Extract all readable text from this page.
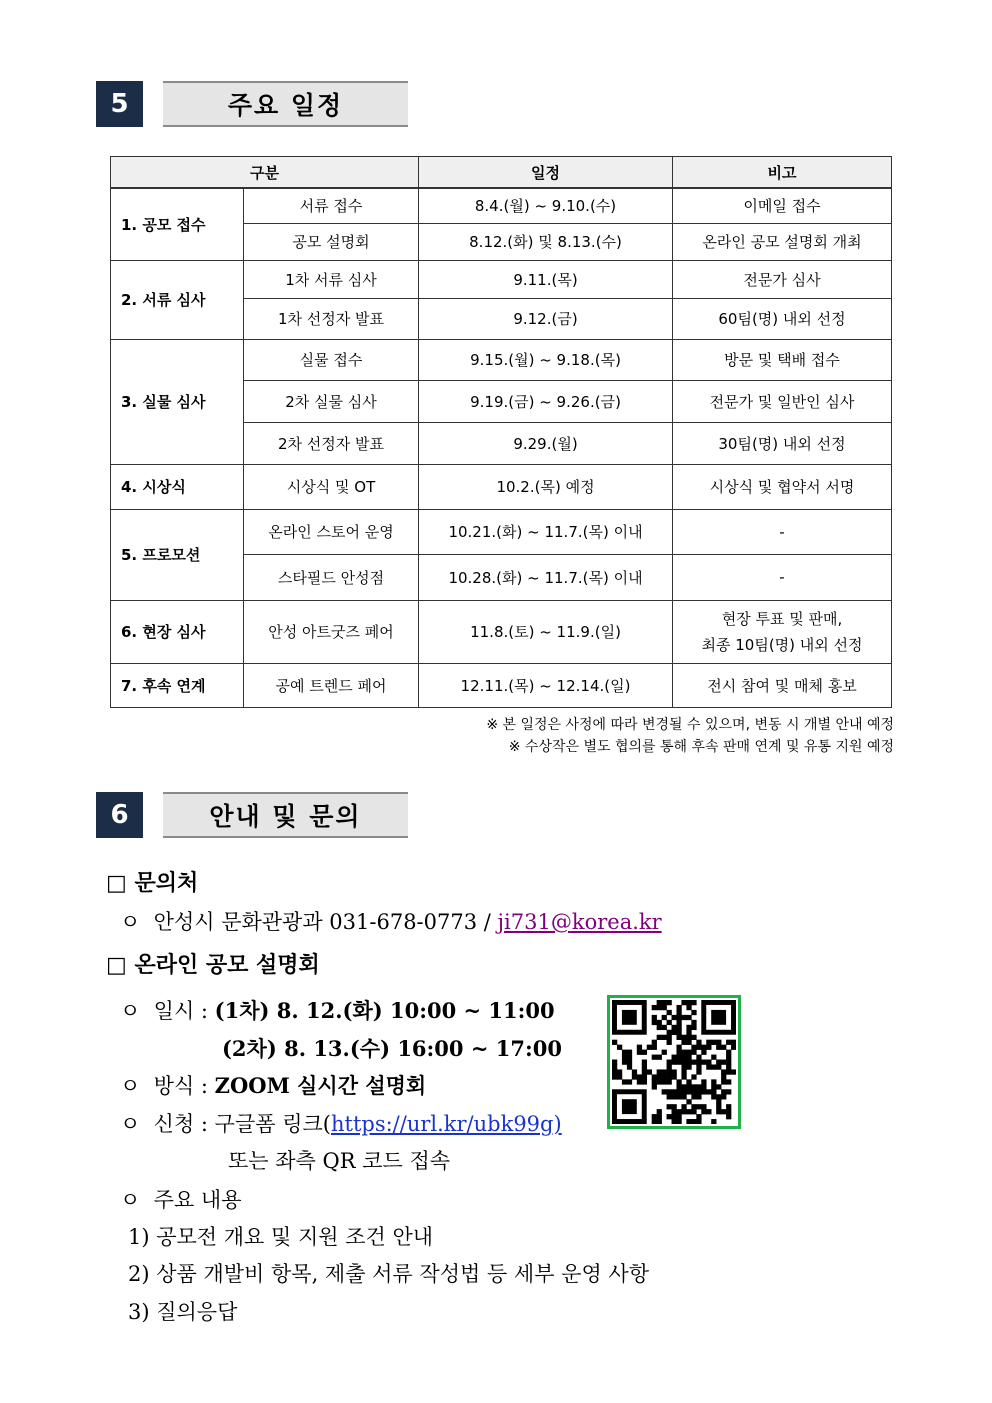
5	주요 일정
구분		일정	비고
1. 공모 접수	서류 접수	8.4.(월) ~ 9.10.(수)	이메일 접수
	공모 설명회	8.12.(화) 및 8.13.(수)	온라인 공모 설명회 개최
2. 서류 심사	1차 서류 심사	9.11.(목)	전문가 심사
	1차 선정자 발표	9.12.(금)	60팀(명) 내외 선정
3. 실물 심사	실물 접수	9.15.(월) ~ 9.18.(목)	방문 및 택배 접수
	2차 실물 심사	9.19.(금) ~ 9.26.(금)	전문가 및 일반인 심사
	2차 선정자 발표	9.29.(월)	30팀(명) 내외 선정
4. 시상식	시상식 및 OT	10.2.(목) 예정	시상식 및 협약서 서명
5. 프로모션	온라인 스토어 운영	10.21.(화) ~ 11.7.(목) 이내	-
	스타필드 안성점	10.28.(화) ~ 11.7.(목) 이내	-
6. 현장 심사	안성 아트굿즈 페어	11.8.(토) ~ 11.9.(일)	현장 투표 및 판매,
최종 10팀(명) 내외 선정

7. 후속 연계	공예 트렌드 페어	12.11.(목) ~ 12.14.(일)	전시 참여 및 매체 홍보
※ 본 일정은 사정에 따라 변경될 수 있으며, 변동 시 개별 안내 예정
※ 수상작은 별도 협의를 통해 후속 판매 연계 및 유통 지원 예정
6	안내 및 문의
□ 문의처
ㅇ 안성시 문화관광과 031-678-0773 / ji731@korea.kr
□ 온라인 공모 설명회
ㅇ 일시 : (1차) 8. 12.(화) 10:00 ~ 11:00
(2차) 8. 13.(수) 16:00 ~ 17:00
ㅇ 방식 : ZOOM 실시간 설명회
ㅇ 신청 : 구글폼 링크(https://url.kr/ubk99g)
또는 좌측 QR 코드 접속
ㅇ 주요 내용
1) 공모전 개요 및 지원 조건 안내
2) 상품 개발비 항목, 제출 서류 작성법 등 세부 운영 사항
3) 질의응답
